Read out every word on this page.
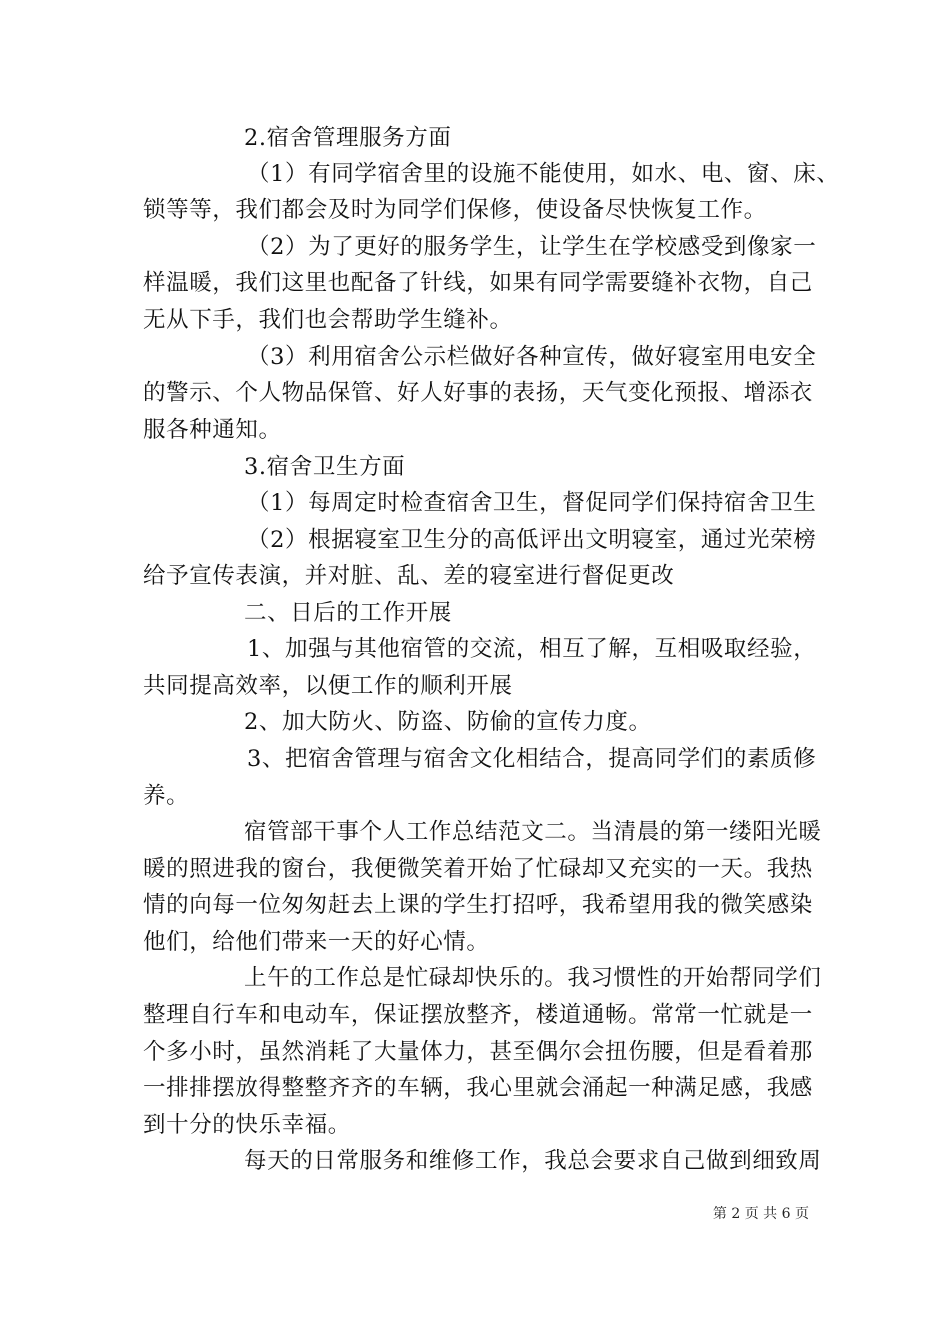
2.宿舍管理服务方面
（1）有同学宿舍里的设施不能使用，如水、电、窗、床、
锁等等，我们都会及时为同学们保修，使设备尽快恢复工作。
（2）为了更好的服务学生，让学生在学校感受到像家一
样温暖，我们这里也配备了针线，如果有同学需要缝补衣物，自己
无从下手，我们也会帮助学生缝补。
（3）利用宿舍公示栏做好各种宣传，做好寝室用电安全
的警示、个人物品保管、好人好事的表扬，天气变化预报、增添衣
服各种通知。
3.宿舍卫生方面
（1）每周定时检查宿舍卫生，督促同学们保持宿舍卫生
（2）根据寝室卫生分的高低评出文明寝室，通过光荣榜
给予宣传表演，并对脏、乱、差的寝室进行督促更改
二、日后的工作开展
1、加强与其他宿管的交流，相互了解，互相吸取经验，
共同提高效率，以便工作的顺利开展
2、加大防火、防盗、防偷的宣传力度。
3、把宿舍管理与宿舍文化相结合，提高同学们的素质修
养。
宿管部干事个人工作总结范文二。当清晨的第一缕阳光暖
暖的照进我的窗台，我便微笑着开始了忙碌却又充实的一天。我热
情的向每一位匆匆赶去上课的学生打招呼，我希望用我的微笑感染
他们，给他们带来一天的好心情。
上午的工作总是忙碌却快乐的。我习惯性的开始帮同学们
整理自行车和电动车，保证摆放整齐，楼道通畅。常常一忙就是一
个多小时，虽然消耗了大量体力，甚至偶尔会扭伤腰，但是看着那
一排排摆放得整整齐齐的车辆，我心里就会涌起一种满足感，我感
到十分的快乐幸福。
每天的日常服务和维修工作，我总会要求自己做到细致周
第 2 页 共 6 页
